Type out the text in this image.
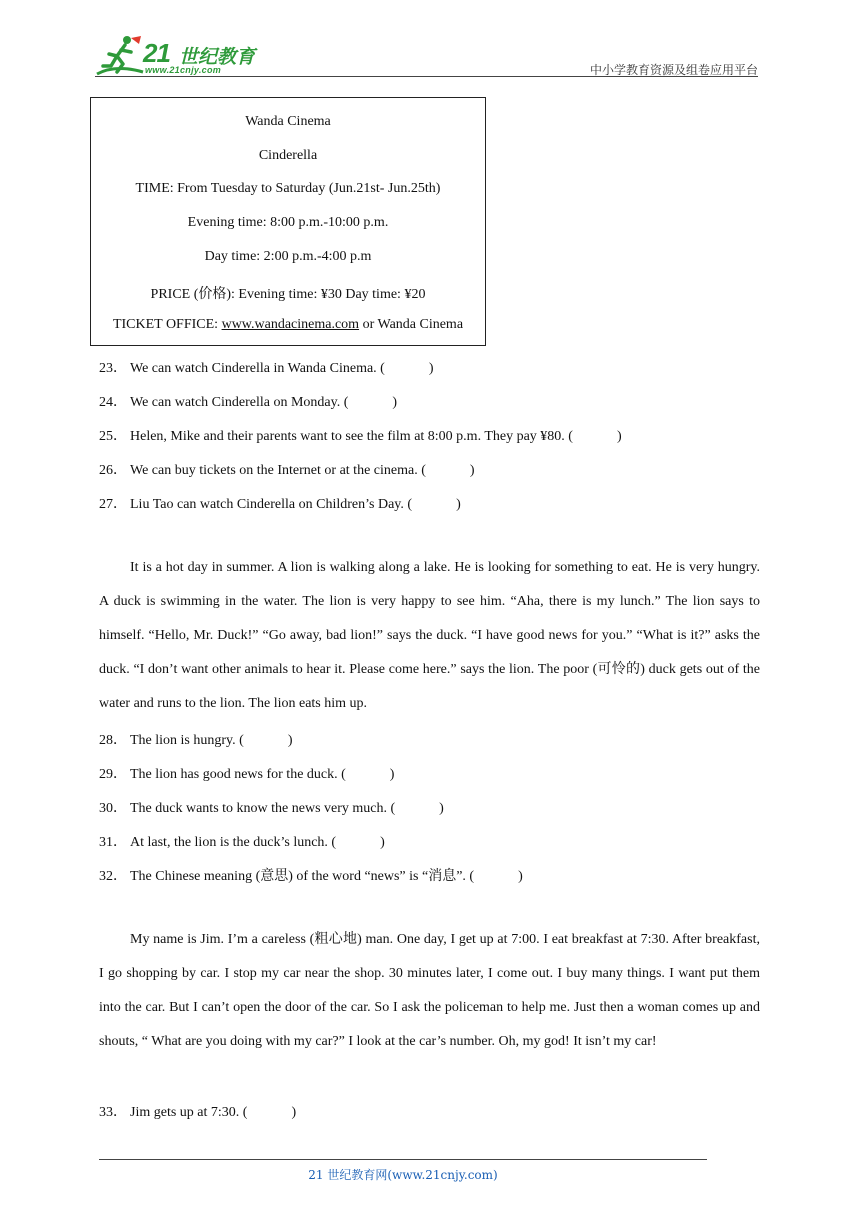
21 世纪教育
www.21cnjy.com	中小学教育资源及组卷应用平台
Wanda Cinema
Cinderella
TIME: From Tuesday to Saturday (Jun.21st- Jun.25th)
Evening time: 8:00 p.m.-10:00 p.m.
Day time: 2:00 p.m.-4:00 p.m
PRICE (价格): Evening time: ¥30 Day time: ¥20
TICKET OFFICE: www.wandacinema.com or Wanda Cinema
23． We can watch Cinderella in Wanda Cinema. (	)
24． We can watch Cinderella on Monday. (	)
25． Helen, Mike and their parents want to see the film at 8:00 p.m. They pay ¥80. (	)
26． We can buy tickets on the Internet or at the cinema. (	)
27． Liu Tao can watch Cinderella on Children’s Day. (	)
It is a hot day in summer. A lion is walking along a lake. He is looking for something to eat. He is very hungry. A duck is swimming in the water. The lion is very happy to see him. “Aha, there is my lunch.” The lion says to himself. “Hello, Mr. Duck!” “Go away, bad lion!” says the duck. “I have good news for you.” “What is it?” asks the duck. “I don’t want other animals to hear it. Please come here.” says the lion. The poor (可怜的) duck gets out of the water and runs to the lion. The lion eats him up.
28． The lion is hungry. (	)
29． The lion has good news for the duck. (	)
30． The duck wants to know the news very much. (	)
31． At last, the lion is the duck’s lunch. (	)
32． The Chinese meaning (意思) of the word “news” is “消息”. (	)
My name is Jim. I’m a careless (粗心地) man. One day, I get up at 7:00. I eat breakfast at 7:30. After breakfast, I go shopping by car. I stop my car near the shop. 30 minutes later, I come out. I buy many things. I want put them into the car. But I can’t open the door of the car. So I ask the policeman to help me. Just then a woman comes up and shouts, “ What are you doing with my car?” I look at the car’s number. Oh, my god! It isn’t my car!
33． Jim gets up at 7:30. (	)
21 世纪教育网(www.21cnjy.com)
